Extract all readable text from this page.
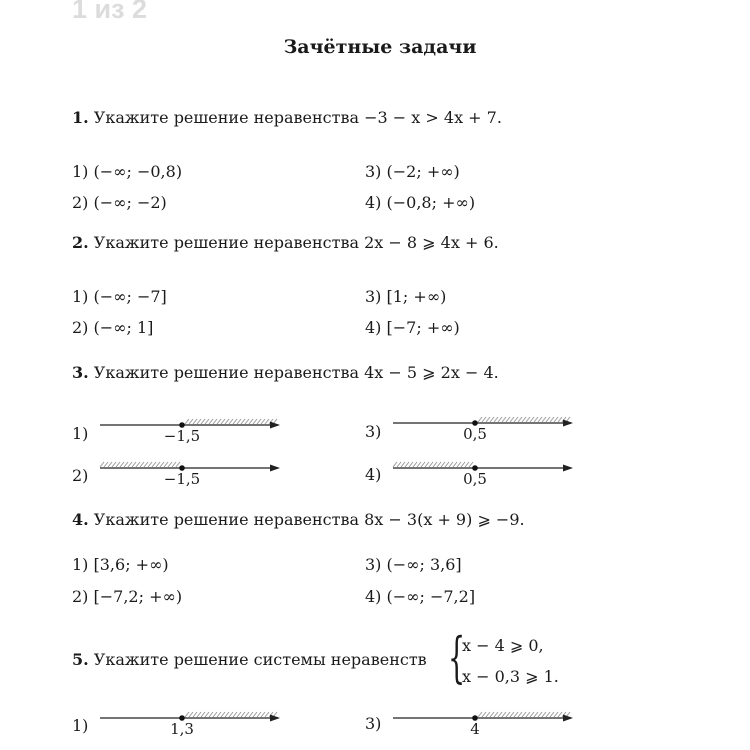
1 из 2
Зачётные задачи
1. Укажите решение неравенства −3 − x > 4x + 7.
1) (−∞; −0,8)
2) (−∞; −2)
3) (−2; +∞)
4) (−0,8; +∞)
2. Укажите решение неравенства 2x − 8 ⩾ 4x + 6.
1) (−∞; −7]
2) (−∞; 1]
3) [1; +∞)
4) [−7; +∞)
3. Укажите решение неравенства 4x − 5 ⩾ 2x − 4.
1)	−1,5
2)	−1,5
3)	0,5
4)	0,5
4. Укажите решение неравенства 8x − 3(x + 9) ⩾ −9.
1) [3,6; +∞)
2) [−7,2; +∞)
3) (−∞; 3,6]
4) (−∞; −7,2]
5. Укажите решение системы неравенств {
x − 4 ⩾ 0,
x − 0,3 ⩾ 1.
1)	1,3	3)	4
